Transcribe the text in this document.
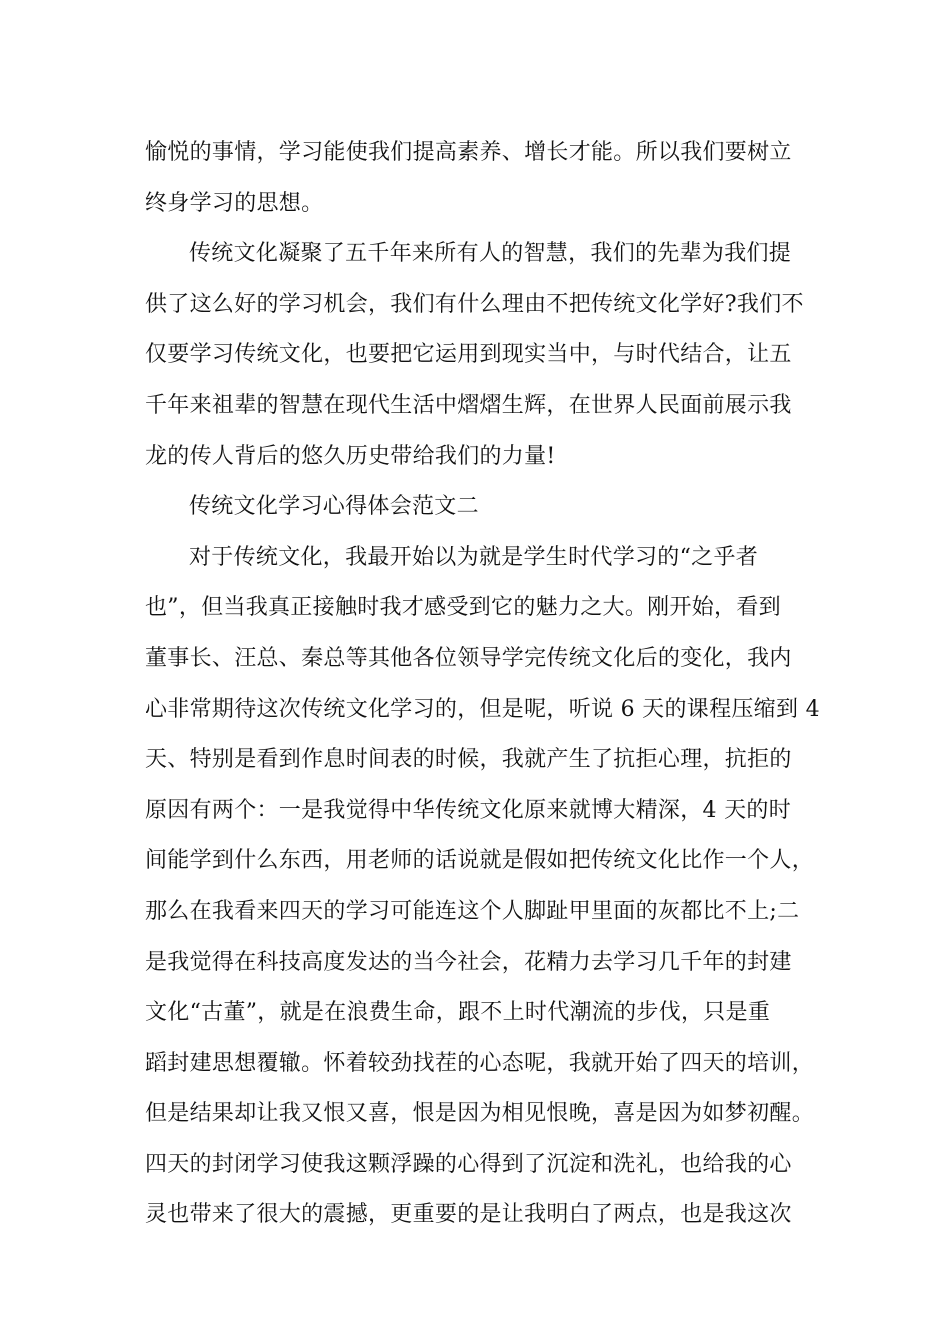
愉悦的事情，学习能使我们提高素养、增长才能。所以我们要树立
终身学习的思想。
传统文化凝聚了五千年来所有人的智慧，我们的先辈为我们提
供了这么好的学习机会，我们有什么理由不把传统文化学好?我们不
仅要学习传统文化，也要把它运用到现实当中，与时代结合，让五
千年来祖辈的智慧在现代生活中熠熠生辉，在世界人民面前展示我
龙的传人背后的悠久历史带给我们的力量!
传统文化学习心得体会范文二
对于传统文化，我最开始以为就是学生时代学习的“之乎者
也”，但当我真正接触时我才感受到它的魅力之大。刚开始，看到
董事长、汪总、秦总等其他各位领导学完传统文化后的变化，我内
心非常期待这次传统文化学习的，但是呢，听说 6 天的课程压缩到 4
天、特别是看到作息时间表的时候，我就产生了抗拒心理，抗拒的
原因有两个：一是我觉得中华传统文化原来就博大精深，4 天的时
间能学到什么东西，用老师的话说就是假如把传统文化比作一个人，
那么在我看来四天的学习可能连这个人脚趾甲里面的灰都比不上;二
是我觉得在科技高度发达的当今社会，花精力去学习几千年的封建
文化“古董”，就是在浪费生命，跟不上时代潮流的步伐，只是重
蹈封建思想覆辙。怀着较劲找茬的心态呢，我就开始了四天的培训，
但是结果却让我又恨又喜，恨是因为相见恨晚，喜是因为如梦初醒。
四天的封闭学习使我这颗浮躁的心得到了沉淀和洗礼，也给我的心
灵也带来了很大的震撼，更重要的是让我明白了两点，也是我这次
